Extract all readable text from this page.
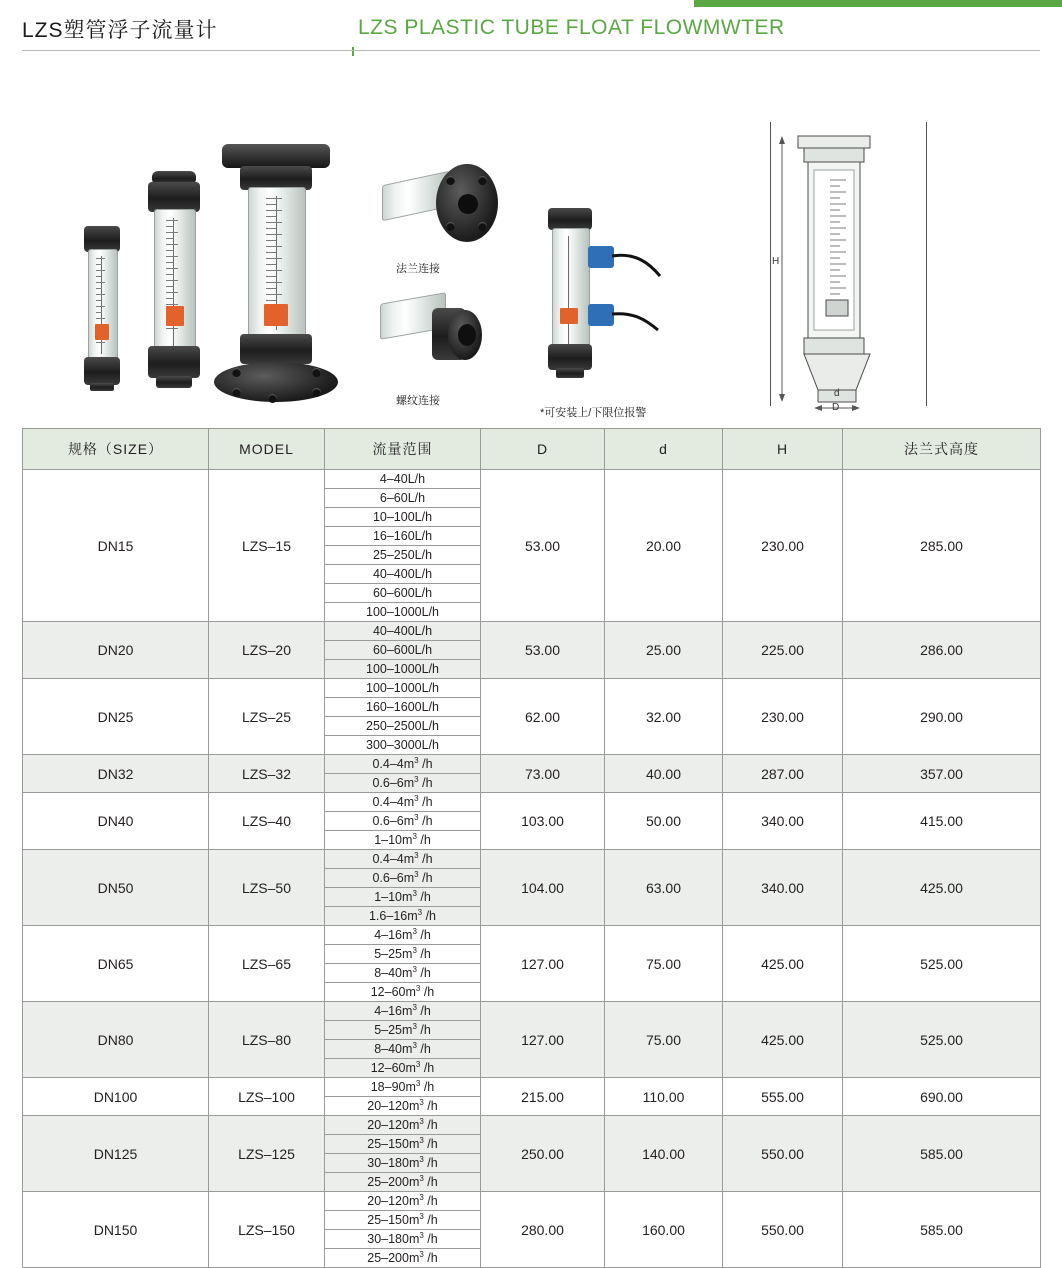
LZS塑管浮子流量计	LZS PLASTIC TUBE FLOAT FLOWMWTER
法兰连接
螺纹连接
*可安装上/下限位报警
H
d
D
规格（SIZE）	MODEL	流量范围	D	d	H	法兰式高度
DN15	LZS–15	4–40L/h	53.00	20.00	230.00	285.00
		6–60L/h				
		10–100L/h				
		16–160L/h				
		25–250L/h				
		40–400L/h				
		60–600L/h				
		100–1000L/h				
DN20	LZS–20	40–400L/h	53.00	25.00	225.00	286.00
		60–600L/h				
		100–1000L/h				
DN25	LZS–25	100–1000L/h	62.00	32.00	230.00	290.00
		160–1600L/h				
		250–2500L/h				
		300–3000L/h				
DN32	LZS–32	$0.4-4m^3$ /h	73.00	40.00	287.00	357.00
		$0.6-6m^3$ /h				
DN40	LZS–40	$0.4-4m^3$ /h	103.00	50.00	340.00	415.00
		$0.6-6m^3$ /h				
		$1-10m^3$ /h				
DN50	LZS–50	$0.4-4m^3$ /h	104.00	63.00	340.00	425.00
		$0.6-6m^3$ /h				
		$1-10m^3$ /h				
		$1.6-16m^3$ /h				
DN65	LZS–65	$4-16m^3$ /h	127.00	75.00	425.00	525.00
		$5-25m^3$ /h				
		$8-40m^3$ /h				
		$12-60m^3$ /h				
DN80	LZS–80	$4-16m^3$ /h	127.00	75.00	425.00	525.00
		$5-25m^3$ /h				
		$8-40m^3$ /h				
		$12-60m^3$ /h				
DN100	LZS–100	$18-90m^3$ /h	215.00	110.00	555.00	690.00
		$20-120m^3$ /h				
DN125	LZS–125	$20-120m^3$ /h	250.00	140.00	550.00	585.00
		$25-150m^3$ /h				
		$30-180m^3$ /h				
		$25-200m^3$ /h				
DN150	LZS–150	$20-120m^3$ /h	280.00	160.00	550.00	585.00
		$25-150m^3$ /h				
		$30-180m^3$ /h				
		$25-200m^3$ /h				
